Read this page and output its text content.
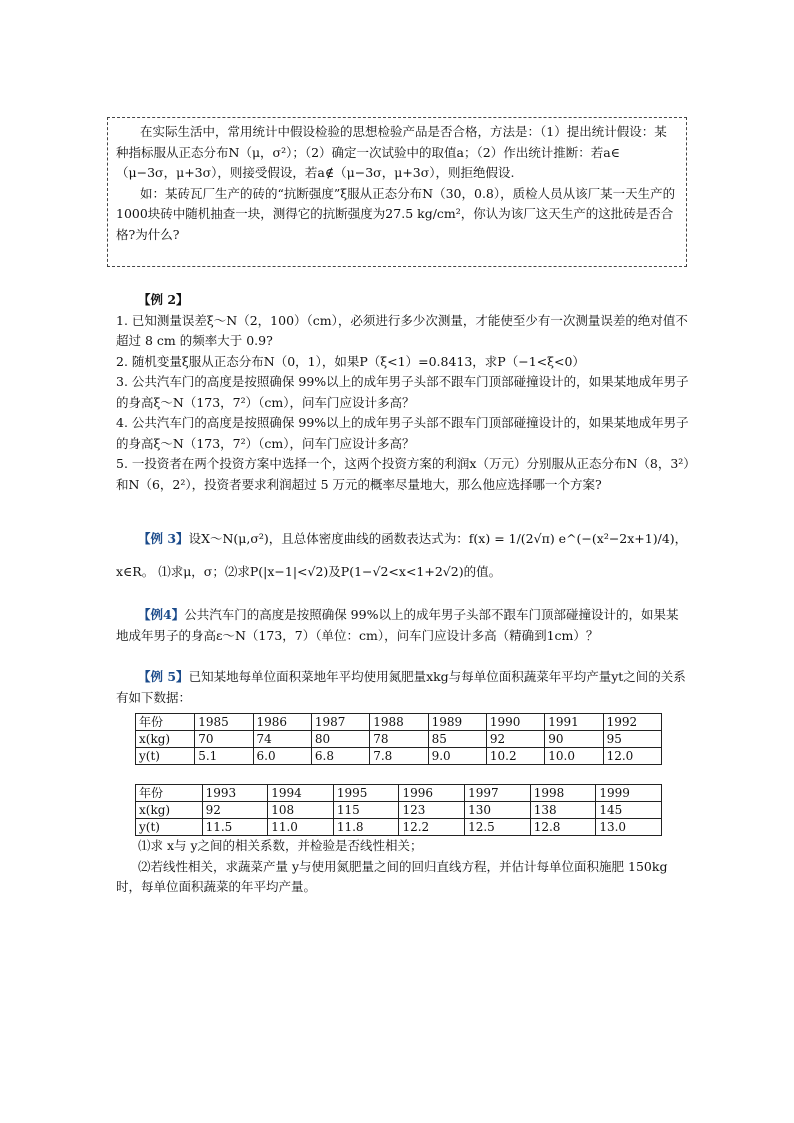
在实际生活中，常用统计中假设检验的思想检验产品是否合格，方法是：（1）提出统计假设：某种指标服从正态分布N（μ，σ²）；（2）确定一次试验中的取值a；（2）作出统计推断：若a∈（μ−3σ，μ+3σ），则接受假设，若a∉（μ−3σ，μ+3σ），则拒绝假设.

如：某砖瓦厂生产的砖的“抗断强度”ξ服从正态分布N（30，0.8），质检人员从该厂某一天生产的1000块砖中随机抽查一块，测得它的抗断强度为27.5 kg/cm²，你认为该厂这天生产的这批砖是否合格?为什么?

【例 2】

1. 已知测量误差ξ～N（2，100）（cm），必须进行多少次测量，才能使至少有一次测量误差的绝对值不超过 8 cm 的频率大于 0.9?

2. 随机变量ξ服从正态分布N（0，1），如果P（ξ<1）=0.8413，求P（−1<ξ<0）

3. 公共汽车门的高度是按照确保 99%以上的成年男子头部不跟车门顶部碰撞设计的，如果某地成年男子的身高ξ～N（173，7²）（cm），问车门应设计多高？

4. 公共汽车门的高度是按照确保 99%以上的成年男子头部不跟车门顶部碰撞设计的，如果某地成年男子的身高ξ～N（173，7²）（cm），问车门应设计多高？

5. 一投资者在两个投资方案中选择一个，这两个投资方案的利润x（万元）分别服从正态分布N（8，3²）和N（6，2²），投资者要求利润超过 5 万元的概率尽量地大，那么他应选择哪一个方案?

【例 3】设X～N(μ,σ²)，且总体密度曲线的函数表达式为：f(x) = 1/(2√π) e^(−(x²−2x+1)/4)，

x∈R。 ⑴求μ，σ；⑵求P(|x−1|<√2)及P(1−√2<x<1+2√2)的值。

【例4】公共汽车门的高度是按照确保 99%以上的成年男子头部不跟车门顶部碰撞设计的，如果某地成年男子的身高ε～N（173，7）（单位：cm），问车门应设计多高（精确到1cm）？

【例 5】已知某地每单位面积菜地年平均使用氮肥量xkg与每单位面积蔬菜年平均产量yt之间的关系有如下数据：

年份	1985	1986	1987	1988	1989	1990	1991	1992
x(kg)	70	74	80	78	85	92	90	95
y(t)	5.1	6.0	6.8	7.8	9.0	10.2	10.0	12.0
年份	1993	1994	1995	1996	1997	1998	1999
x(kg)	92	108	115	123	130	138	145
y(t)	11.5	11.0	11.8	12.2	12.5	12.8	13.0

⑴求 x与 y之间的相关系数，并检验是否线性相关；

⑵若线性相关，求蔬菜产量 y与使用氮肥量之间的回归直线方程，并估计每单位面积施肥 150kg时，每单位面积蔬菜的年平均产量。
